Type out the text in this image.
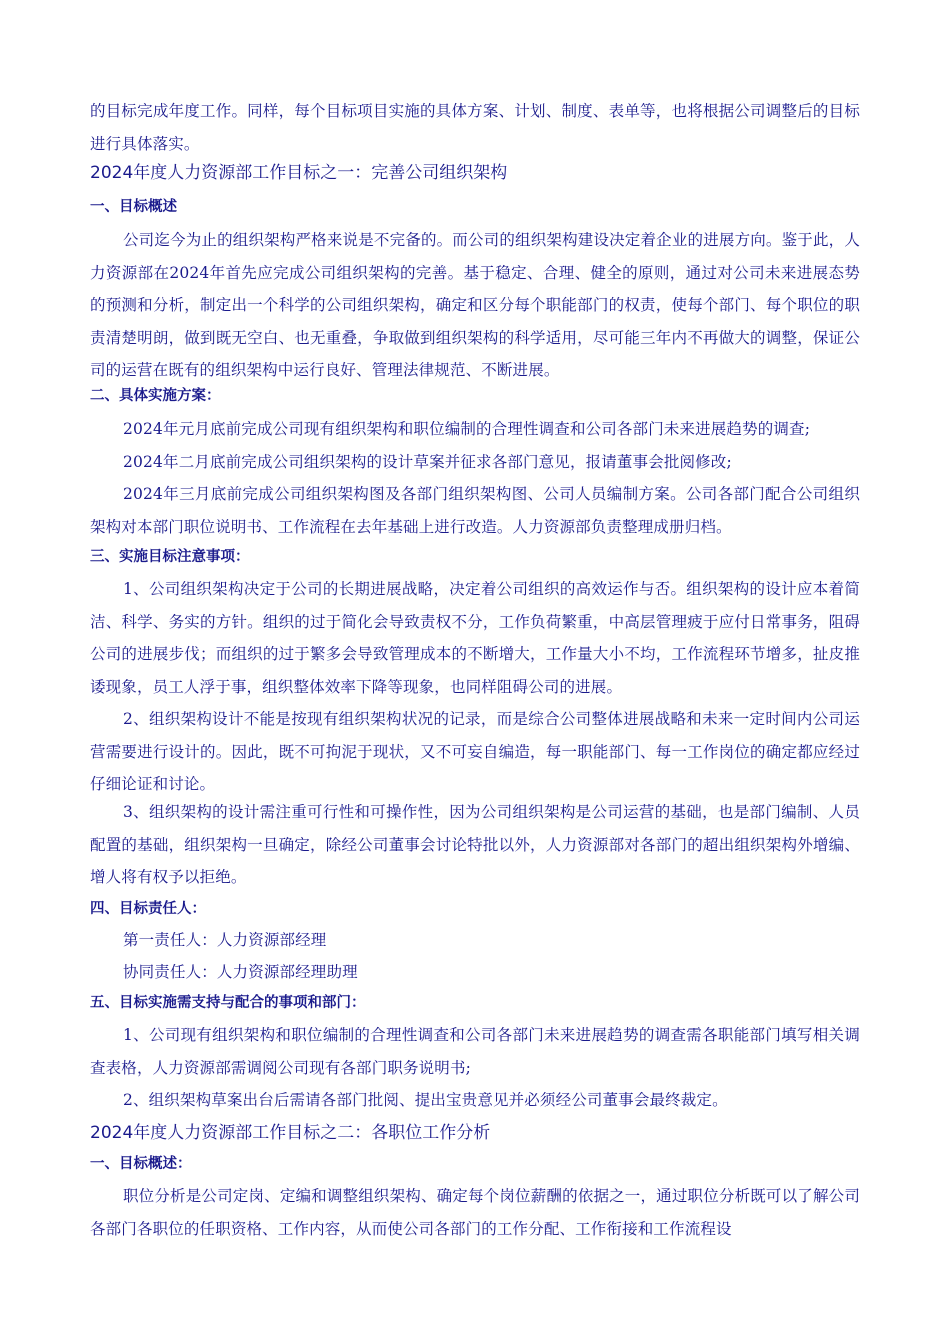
的目标完成年度工作。同样，每个目标项目实施的具体方案、计划、制度、表单等，也将根据公司调整后的目标进行具体落实。

2024年度人力资源部工作目标之一：完善公司组织架构
一、目标概述

公司迄今为止的组织架构严格来说是不完备的。而公司的组织架构建设决定着企业的进展方向。鉴于此，人力资源部在2024年首先应完成公司组织架构的完善。基于稳定、合理、健全的原则，通过对公司未来进展态势的预测和分析，制定出一个科学的公司组织架构，确定和区分每个职能部门的权责，使每个部门、每个职位的职责清楚明朗，做到既无空白、也无重叠，争取做到组织架构的科学适用，尽可能三年内不再做大的调整，保证公司的运营在既有的组织架构中运行良好、管理法律规范、不断进展。

二、具体实施方案：

2024年元月底前完成公司现有组织架构和职位编制的合理性调查和公司各部门未来进展趋势的调查;

2024年二月底前完成公司组织架构的设计草案并征求各部门意见，报请董事会批阅修改;

2024年三月底前完成公司组织架构图及各部门组织架构图、公司人员编制方案。公司各部门配合公司组织架构对本部门职位说明书、工作流程在去年基础上进行改造。人力资源部负责整理成册归档。

三、实施目标注意事项：

1、公司组织架构决定于公司的长期进展战略，决定着公司组织的高效运作与否。组织架构的设计应本着简洁、科学、务实的方针。组织的过于简化会导致责权不分，工作负荷繁重，中高层管理疲于应付日常事务，阻碍公司的进展步伐；而组织的过于繁多会导致管理成本的不断增大，工作量大小不均，工作流程环节增多，扯皮推诿现象，员工人浮于事，组织整体效率下降等现象，也同样阻碍公司的进展。

2、组织架构设计不能是按现有组织架构状况的记录，而是综合公司整体进展战略和未来一定时间内公司运营需要进行设计的。因此，既不可拘泥于现状，又不可妄自编造，每一职能部门、每一工作岗位的确定都应经过仔细论证和讨论。

3、组织架构的设计需注重可行性和可操作性，因为公司组织架构是公司运营的基础，也是部门编制、人员配置的基础，组织架构一旦确定，除经公司董事会讨论特批以外，人力资源部对各部门的超出组织架构外增编、增人将有权予以拒绝。

四、目标责任人：

第一责任人：人力资源部经理

协同责任人：人力资源部经理助理

五、目标实施需支持与配合的事项和部门：

1、公司现有组织架构和职位编制的合理性调查和公司各部门未来进展趋势的调查需各职能部门填写相关调查表格，人力资源部需调阅公司现有各部门职务说明书;

2、组织架构草案出台后需请各部门批阅、提出宝贵意见并必须经公司董事会最终裁定。

2024年度人力资源部工作目标之二：各职位工作分析
一、目标概述：

职位分析是公司定岗、定编和调整组织架构、确定每个岗位薪酬的依据之一，通过职位分析既可以了解公司各部门各职位的任职资格、工作内容，从而使公司各部门的工作分配、工作衔接和工作流程设
